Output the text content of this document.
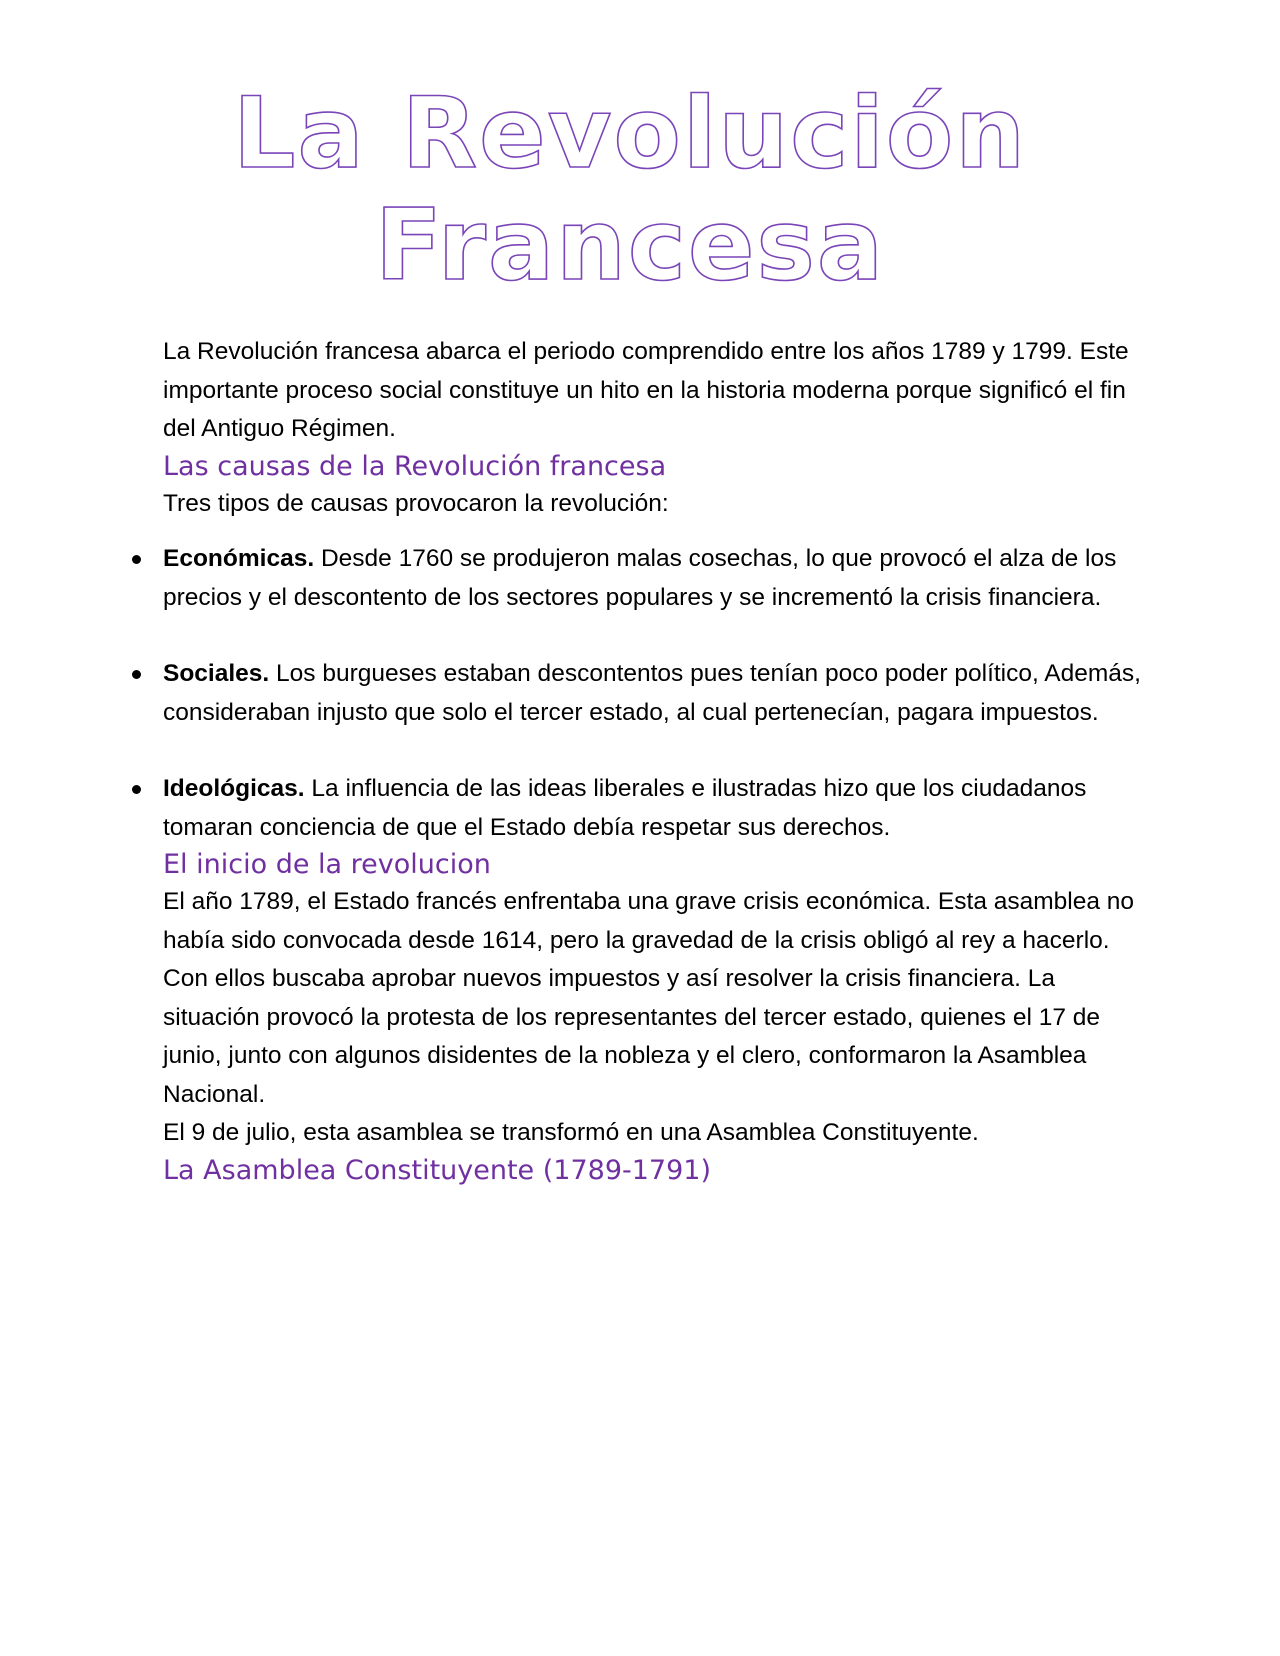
La Revolución
Francesa

La Revolución francesa abarca el periodo comprendido entre los años 1789 y 1799. Este importante proceso social constituye un hito en la historia moderna porque significó el fin del Antiguo Régimen.

Las causas de la Revolución francesa

Tres tipos de causas provocaron la revolución:

Económicas. Desde 1760 se produjeron malas cosechas, lo que provocó el alza de los precios y el descontento de los sectores populares y se incrementó la crisis financiera.
Sociales. Los burgueses estaban descontentos pues tenían poco poder político, Además, consideraban injusto que solo el tercer estado, al cual pertenecían, pagara impuestos.
Ideológicas. La influencia de las ideas liberales e ilustradas hizo que los ciudadanos tomaran conciencia de que el Estado debía respetar sus derechos.
El inicio de la revolucion

El año 1789, el Estado francés enfrentaba una grave crisis económica. Esta asamblea no había sido convocada desde 1614, pero la gravedad de la crisis obligó al rey a hacerlo. Con ellos buscaba aprobar nuevos impuestos y así resolver la crisis financiera. La situación provocó la protesta de los representantes del tercer estado, quienes el 17 de junio, junto con algunos disidentes de la nobleza y el clero, conformaron la Asamblea Nacional.

El 9 de julio, esta asamblea se transformó en una Asamblea Constituyente.

La Asamblea Constituyente (1789-1791)
